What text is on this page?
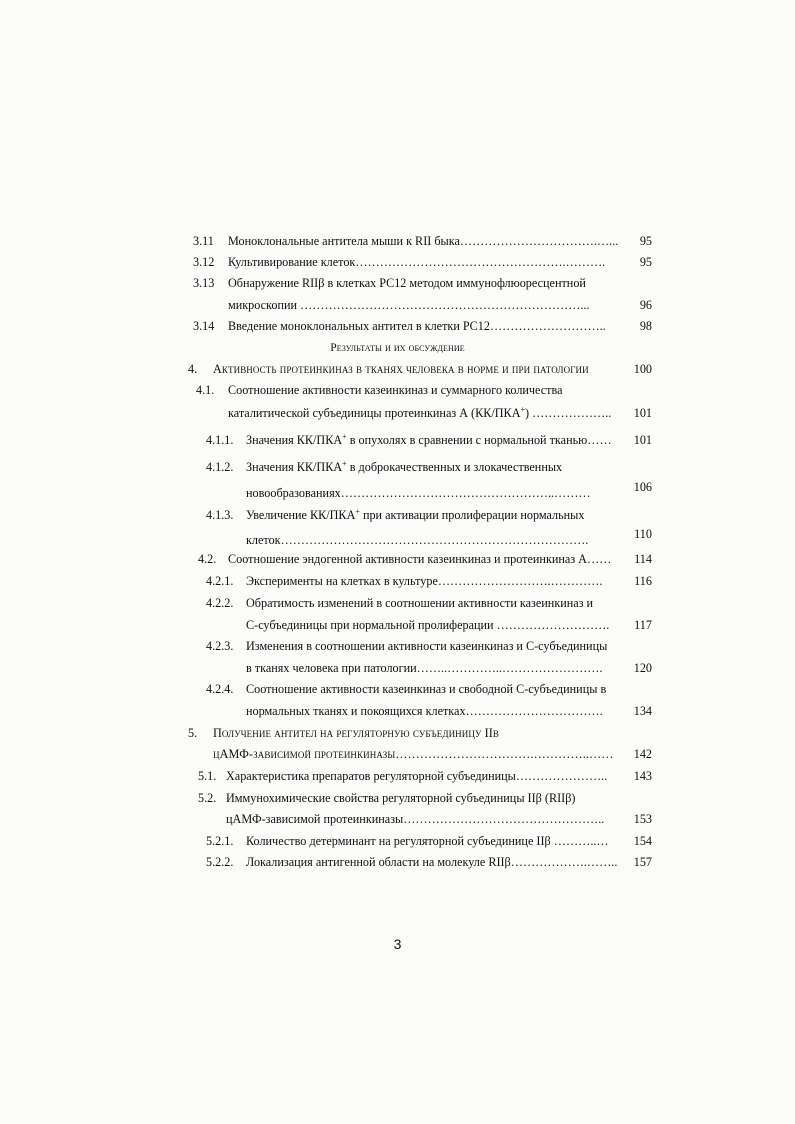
3.11 Моноклональные антитела мыши к RII быка…………………………….…...	95
3.12 Культивирование клеток…………………………………………….……….	95
3.13 Обнаружение RIIβ в клетках PC12 методом иммунофлюоресцентной
микроскопии ……………………………………………………………...	96
3.14 Введение моноклональных антител в клетки PC12………………………..	98
Результаты и их обсуждение
4. Активность протеинкиназ в тканях человека в норме и при патологии	100
4.1. Соотношение активности казеинкиназ и суммарного количества
каталитической субъединицы протеинкиназ А (КК/ПКА+) ………………..	101
4.1.1. Значения КК/ПКА+ в опухолях в сравнении с нормальной тканью……	101
4.1.2. Значения КК/ПКА+ в доброкачественных и злокачественных
новообразованиях……………………………………………..………	106
4.1.3. Увеличение КК/ПКА+ при активации пролиферации нормальных
клеток………………………………………………………………….	110
4.2. Соотношение эндогенной активности казеинкиназ и протеинкиназ А……	114
4.2.1. Эксперименты на клетках в культуре……………………….………….	116
4.2.2. Обратимость изменений в соотношении активности казеинкиназ и
С-субъединицы при нормальной пролиферации ……………………….	117
4.2.3. Изменения в соотношении активности казеинкиназ и С-субъединицы
в тканях человека при патологии……..…………..…………………….	120
4.2.4. Соотношение активности казеинкиназ и свободной С-субъединицы в
нормальных тканях и покоящихся клетках…………………………….	134
5. Получение антител на регуляторную субъединицу IIβ
цАМФ-зависимой протеинкиназы…………………………….…………..……	142
5.1. Характеристика препаратов регуляторной субъединицы…………………..	143
5.2. Иммунохимические свойства регуляторной субъединицы IIβ (RIIβ)
цАМФ-зависимой протеинкиназы…………………………………………..	153
5.2.1. Количество детерминант на регуляторной субъединице IIβ ………..…	154
5.2.2. Локализация антигенной области на молекуле RIIβ……………….……..	157
3
